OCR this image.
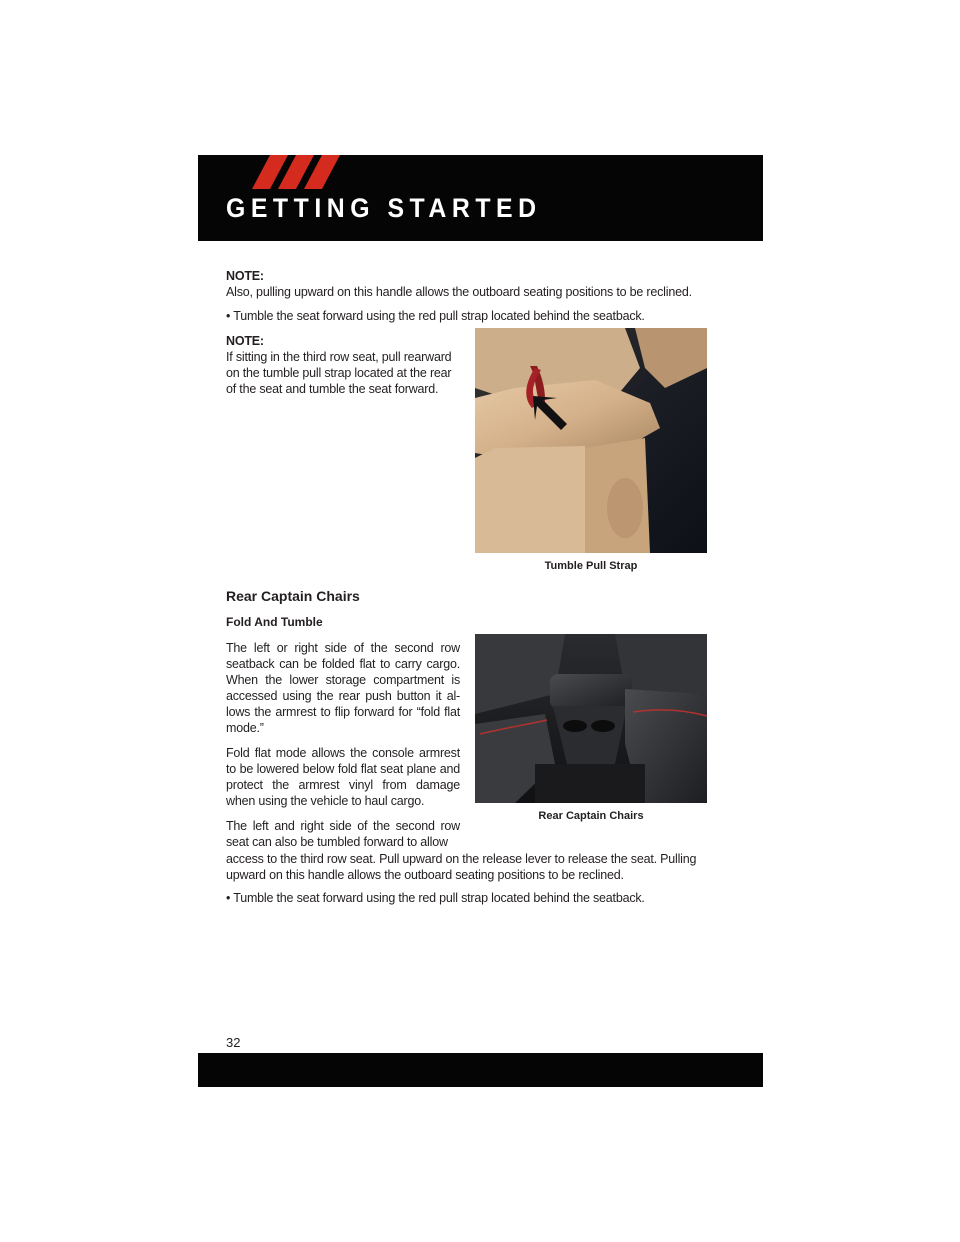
GETTING STARTED
NOTE:
Also, pulling upward on this handle allows the outboard seating positions to be reclined.
• Tumble the seat forward using the red pull strap located behind the seatback.
NOTE:
If sitting in the third row seat, pull rearward
on the tumble pull strap located at the rear
of the seat and tumble the seat forward.
Tumble Pull Strap
Rear Captain Chairs
Fold And Tumble
The left or right side of the second row seatback can be folded flat to carry cargo. When the lower storage compartment is accessed using the rear push button it al-lows the armrest to flip forward for “fold flat mode.”
Fold flat mode allows the console armrest to be lowered below fold flat seat plane and protect the armrest vinyl from damage when using the vehicle to haul cargo.
The left and right side of the second row seat can also be tumbled forward to allow
access to the third row seat. Pull upward on the release lever to release the seat. Pulling
upward on this handle allows the outboard seating positions to be reclined.
• Tumble the seat forward using the red pull strap located behind the seatback.
Rear Captain Chairs
32
